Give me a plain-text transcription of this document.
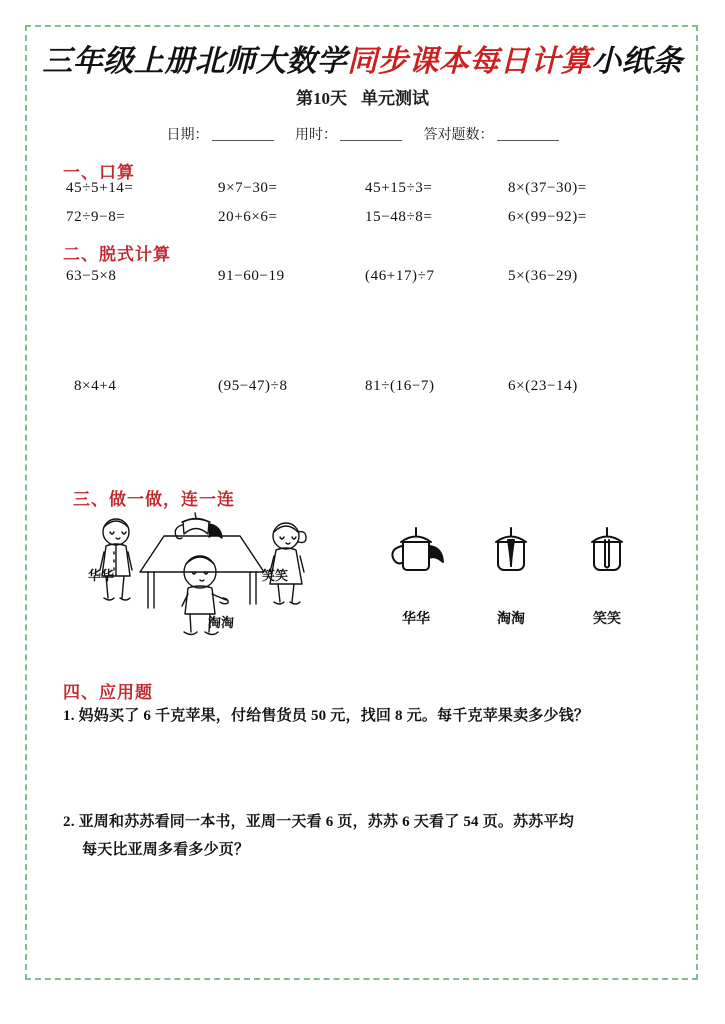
三年级上册北师大数学同步课本每日计算小纸条
第10天 单元测试
日期：	用时：	答对题数：
一、口算
45÷5+14=	9×7−30=	45+15÷3=	8×(37−30)=
72÷9−8=	20+6×6=	15−48÷8=	6×(99−92)=
二、脱式计算
63−5×8	91−60−19	(46+17)÷7	5×(36−29)
8×4+4	(95−47)÷8	81÷(16−7)	6×(23−14)
三、做一做，连一连
华华	笑笑
淘淘	华华	淘淘	笑笑
四、应用题
1. 妈妈买了 6 千克苹果，付给售货员 50 元，找回 8 元。每千克苹果卖多少钱？
2. 亚周和苏苏看同一本书，亚周一天看 6 页，苏苏 6 天看了 54 页。苏苏平均
每天比亚周多看多少页？
